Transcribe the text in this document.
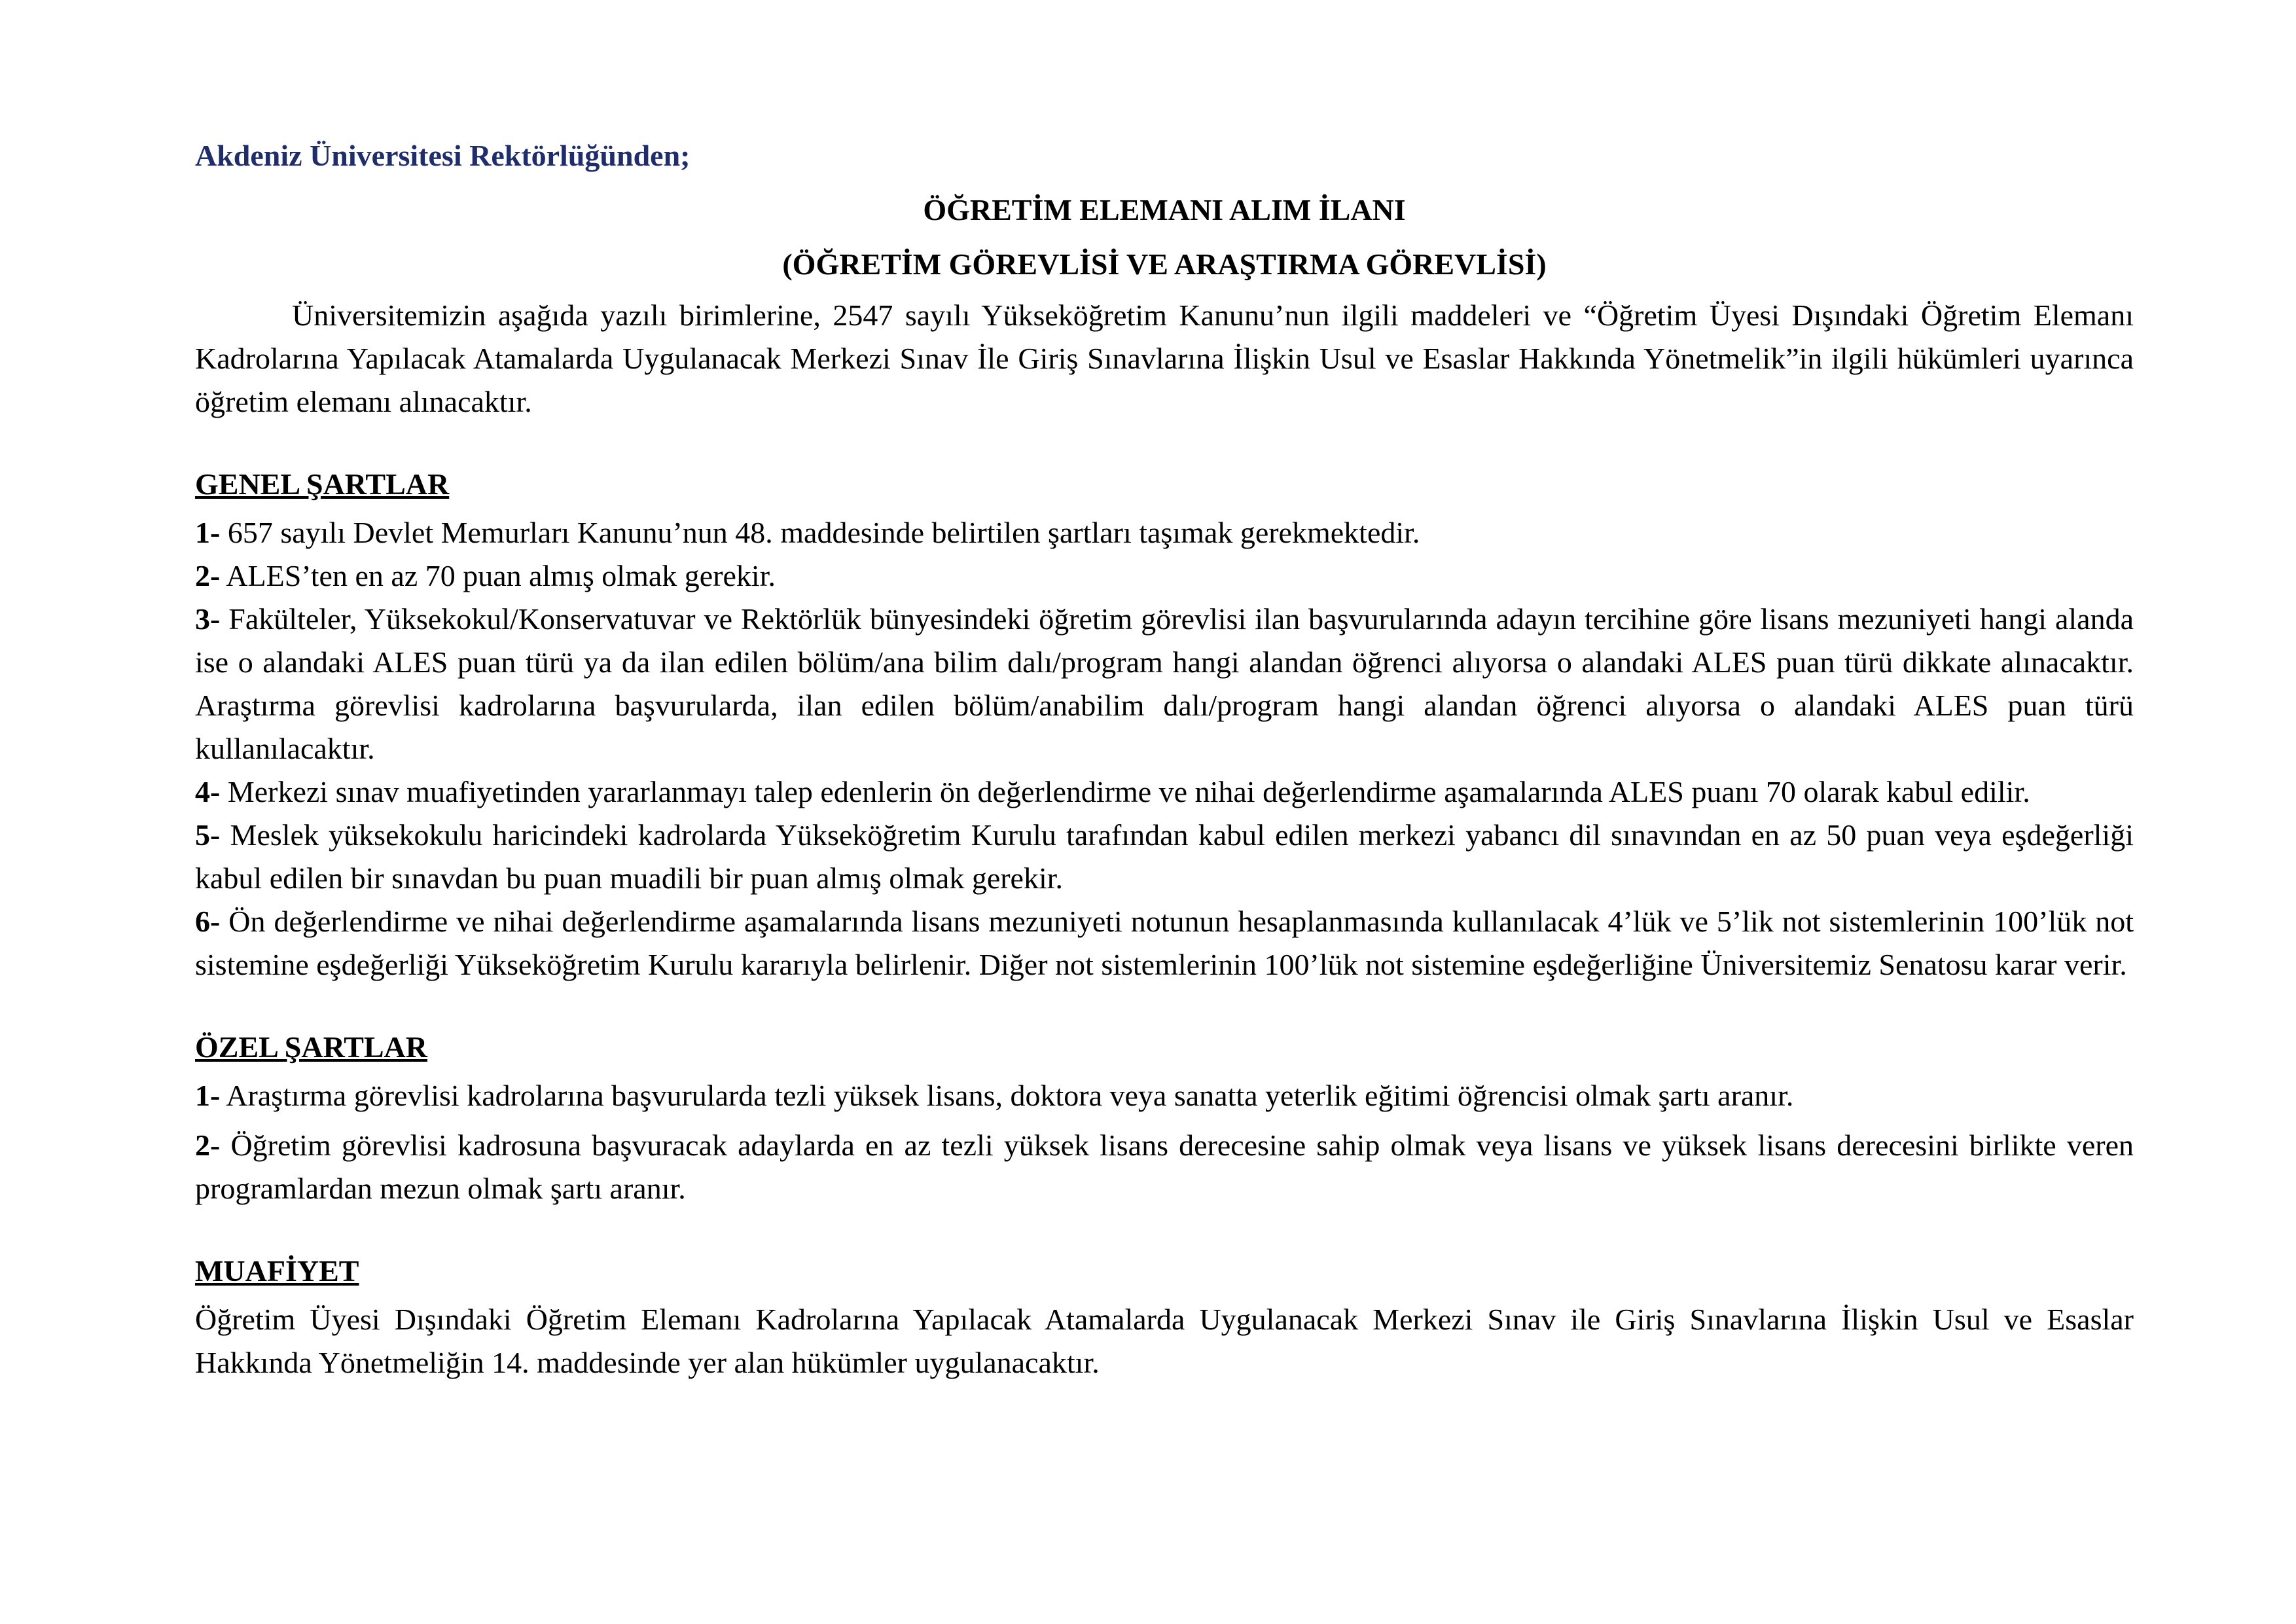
Akdeniz Üniversitesi Rektörlüğünden;
ÖĞRETİM ELEMANI ALIM İLANI
(ÖĞRETİM GÖREVLİSİ VE ARAŞTIRMA GÖREVLİSİ)

Üniversitemizin aşağıda yazılı birimlerine, 2547 sayılı Yükseköğretim Kanunu’nun ilgili maddeleri ve “Öğretim Üyesi Dışındaki Öğretim Elemanı Kadrolarına Yapılacak Atamalarda Uygulanacak Merkezi Sınav İle Giriş Sınavlarına İlişkin Usul ve Esaslar Hakkında Yönetmelik”in ilgili hükümleri uyarınca öğretim elemanı alınacaktır.

GENEL ŞARTLAR

1- 657 sayılı Devlet Memurları Kanunu’nun 48. maddesinde belirtilen şartları taşımak gerekmektedir.

2- ALES’ten en az 70 puan almış olmak gerekir.

3- Fakülteler, Yüksekokul/Konservatuvar ve Rektörlük bünyesindeki öğretim görevlisi ilan başvurularında adayın tercihine göre lisans mezuniyeti hangi alanda ise o alandaki ALES puan türü ya da ilan edilen bölüm/ana bilim dalı/program hangi alandan öğrenci alıyorsa o alandaki ALES puan türü dikkate alınacaktır. Araştırma görevlisi kadrolarına başvurularda, ilan edilen bölüm/anabilim dalı/program hangi alandan öğrenci alıyorsa o alandaki ALES puan türü kullanılacaktır.

4- Merkezi sınav muafiyetinden yararlanmayı talep edenlerin ön değerlendirme ve nihai değerlendirme aşamalarında ALES puanı 70 olarak kabul edilir.

5- Meslek yüksekokulu haricindeki kadrolarda Yükseköğretim Kurulu tarafından kabul edilen merkezi yabancı dil sınavından en az 50 puan veya eşdeğerliği kabul edilen bir sınavdan bu puan muadili bir puan almış olmak gerekir.

6- Ön değerlendirme ve nihai değerlendirme aşamalarında lisans mezuniyeti notunun hesaplanmasında kullanılacak 4’lük ve 5’lik not sistemlerinin 100’lük not sistemine eşdeğerliği Yükseköğretim Kurulu kararıyla belirlenir. Diğer not sistemlerinin 100’lük not sistemine eşdeğerliğine Üniversitemiz Senatosu karar verir.

ÖZEL ŞARTLAR

1- Araştırma görevlisi kadrolarına başvurularda tezli yüksek lisans, doktora veya sanatta yeterlik eğitimi öğrencisi olmak şartı aranır.

2- Öğretim görevlisi kadrosuna başvuracak adaylarda en az tezli yüksek lisans derecesine sahip olmak veya lisans ve yüksek lisans derecesini birlikte veren programlardan mezun olmak şartı aranır.

MUAFİYET

Öğretim Üyesi Dışındaki Öğretim Elemanı Kadrolarına Yapılacak Atamalarda Uygulanacak Merkezi Sınav ile Giriş Sınavlarına İlişkin Usul ve Esaslar Hakkında Yönetmeliğin 14. maddesinde yer alan hükümler uygulanacaktır.
